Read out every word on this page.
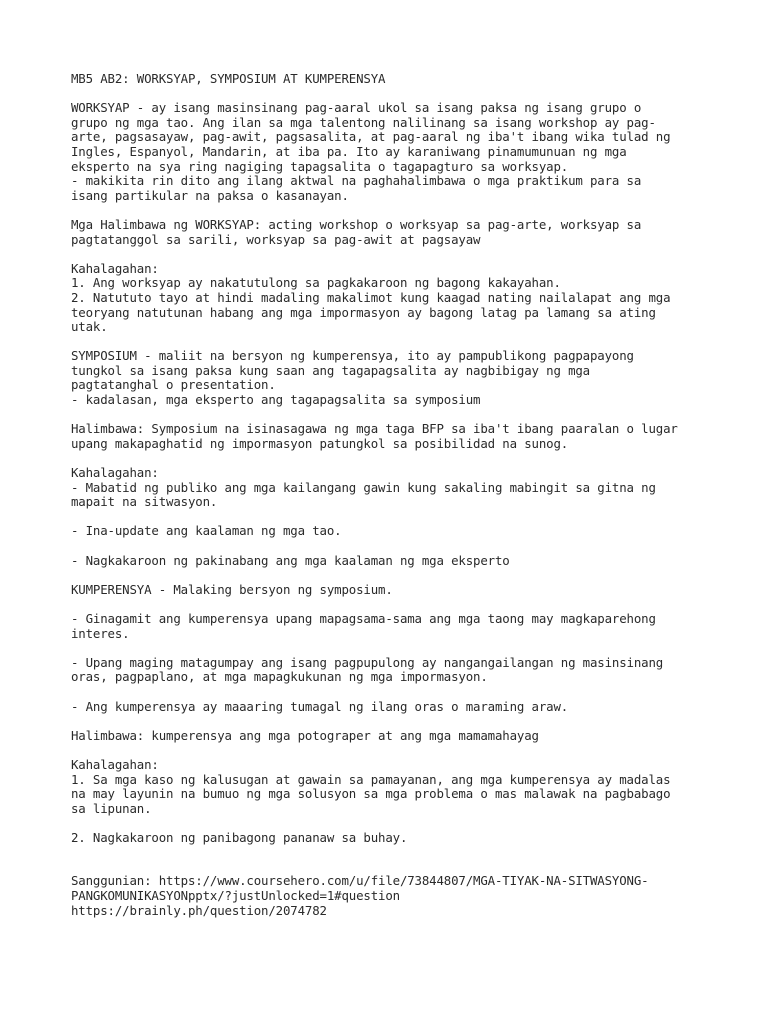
MB5 AB2: WORKSYAP, SYMPOSIUM AT KUMPERENSYA
WORKSYAP - ay isang masinsinang pag-aaral ukol sa isang paksa ng isang grupo o
grupo ng mga tao. Ang ilan sa mga talentong nalilinang sa isang workshop ay pag-
arte, pagsasayaw, pag-awit, pagsasalita, at pag-aaral ng iba't ibang wika tulad ng
Ingles, Espanyol, Mandarin, at iba pa. Ito ay karaniwang pinamumunuan ng mga
eksperto na sya ring nagiging tapagsalita o tagapagturo sa worksyap.
- makikita rin dito ang ilang aktwal na paghahalimbawa o mga praktikum para sa
isang partikular na paksa o kasanayan.
Mga Halimbawa ng WORKSYAP: acting workshop o worksyap sa pag-arte, worksyap sa
pagtatanggol sa sarili, worksyap sa pag-awit at pagsayaw
Kahalagahan:
1. Ang worksyap ay nakatutulong sa pagkakaroon ng bagong kakayahan.
2. Natututo tayo at hindi madaling makalimot kung kaagad nating nailalapat ang mga
teoryang natutunan habang ang mga impormasyon ay bagong latag pa lamang sa ating
utak.
SYMPOSIUM - maliit na bersyon ng kumperensya, ito ay pampublikong pagpapayong
tungkol sa isang paksa kung saan ang tagapagsalita ay nagbibigay ng mga
pagtatanghal o presentation.
- kadalasan, mga eksperto ang tagapagsalita sa symposium
Halimbawa: Symposium na isinasagawa ng mga taga BFP sa iba't ibang paaralan o lugar
upang makapaghatid ng impormasyon patungkol sa posibilidad na sunog.
Kahalagahan:
- Mabatid ng publiko ang mga kailangang gawin kung sakaling mabingit sa gitna ng
mapait na sitwasyon.
- Ina-update ang kaalaman ng mga tao.
- Nagkakaroon ng pakinabang ang mga kaalaman ng mga eksperto
KUMPERENSYA - Malaking bersyon ng symposium.
- Ginagamit ang kumperensya upang mapagsama-sama ang mga taong may magkaparehong
interes.
- Upang maging matagumpay ang isang pagpupulong ay nangangailangan ng masinsinang
oras, pagpaplano, at mga mapagkukunan ng mga impormasyon.
- Ang kumperensya ay maaaring tumagal ng ilang oras o maraming araw.
Halimbawa: kumperensya ang mga potograper at ang mga mamamahayag
Kahalagahan:
1. Sa mga kaso ng kalusugan at gawain sa pamayanan, ang mga kumperensya ay madalas
na may layunin na bumuo ng mga solusyon sa mga problema o mas malawak na pagbabago
sa lipunan.
2. Nagkakaroon ng panibagong pananaw sa buhay.
Sanggunian: https://www.coursehero.com/u/file/73844807/MGA-TIYAK-NA-SITWASYONG-
PANGKOMUNIKASYONpptx/?justUnlocked=1#question
https://brainly.ph/question/2074782
